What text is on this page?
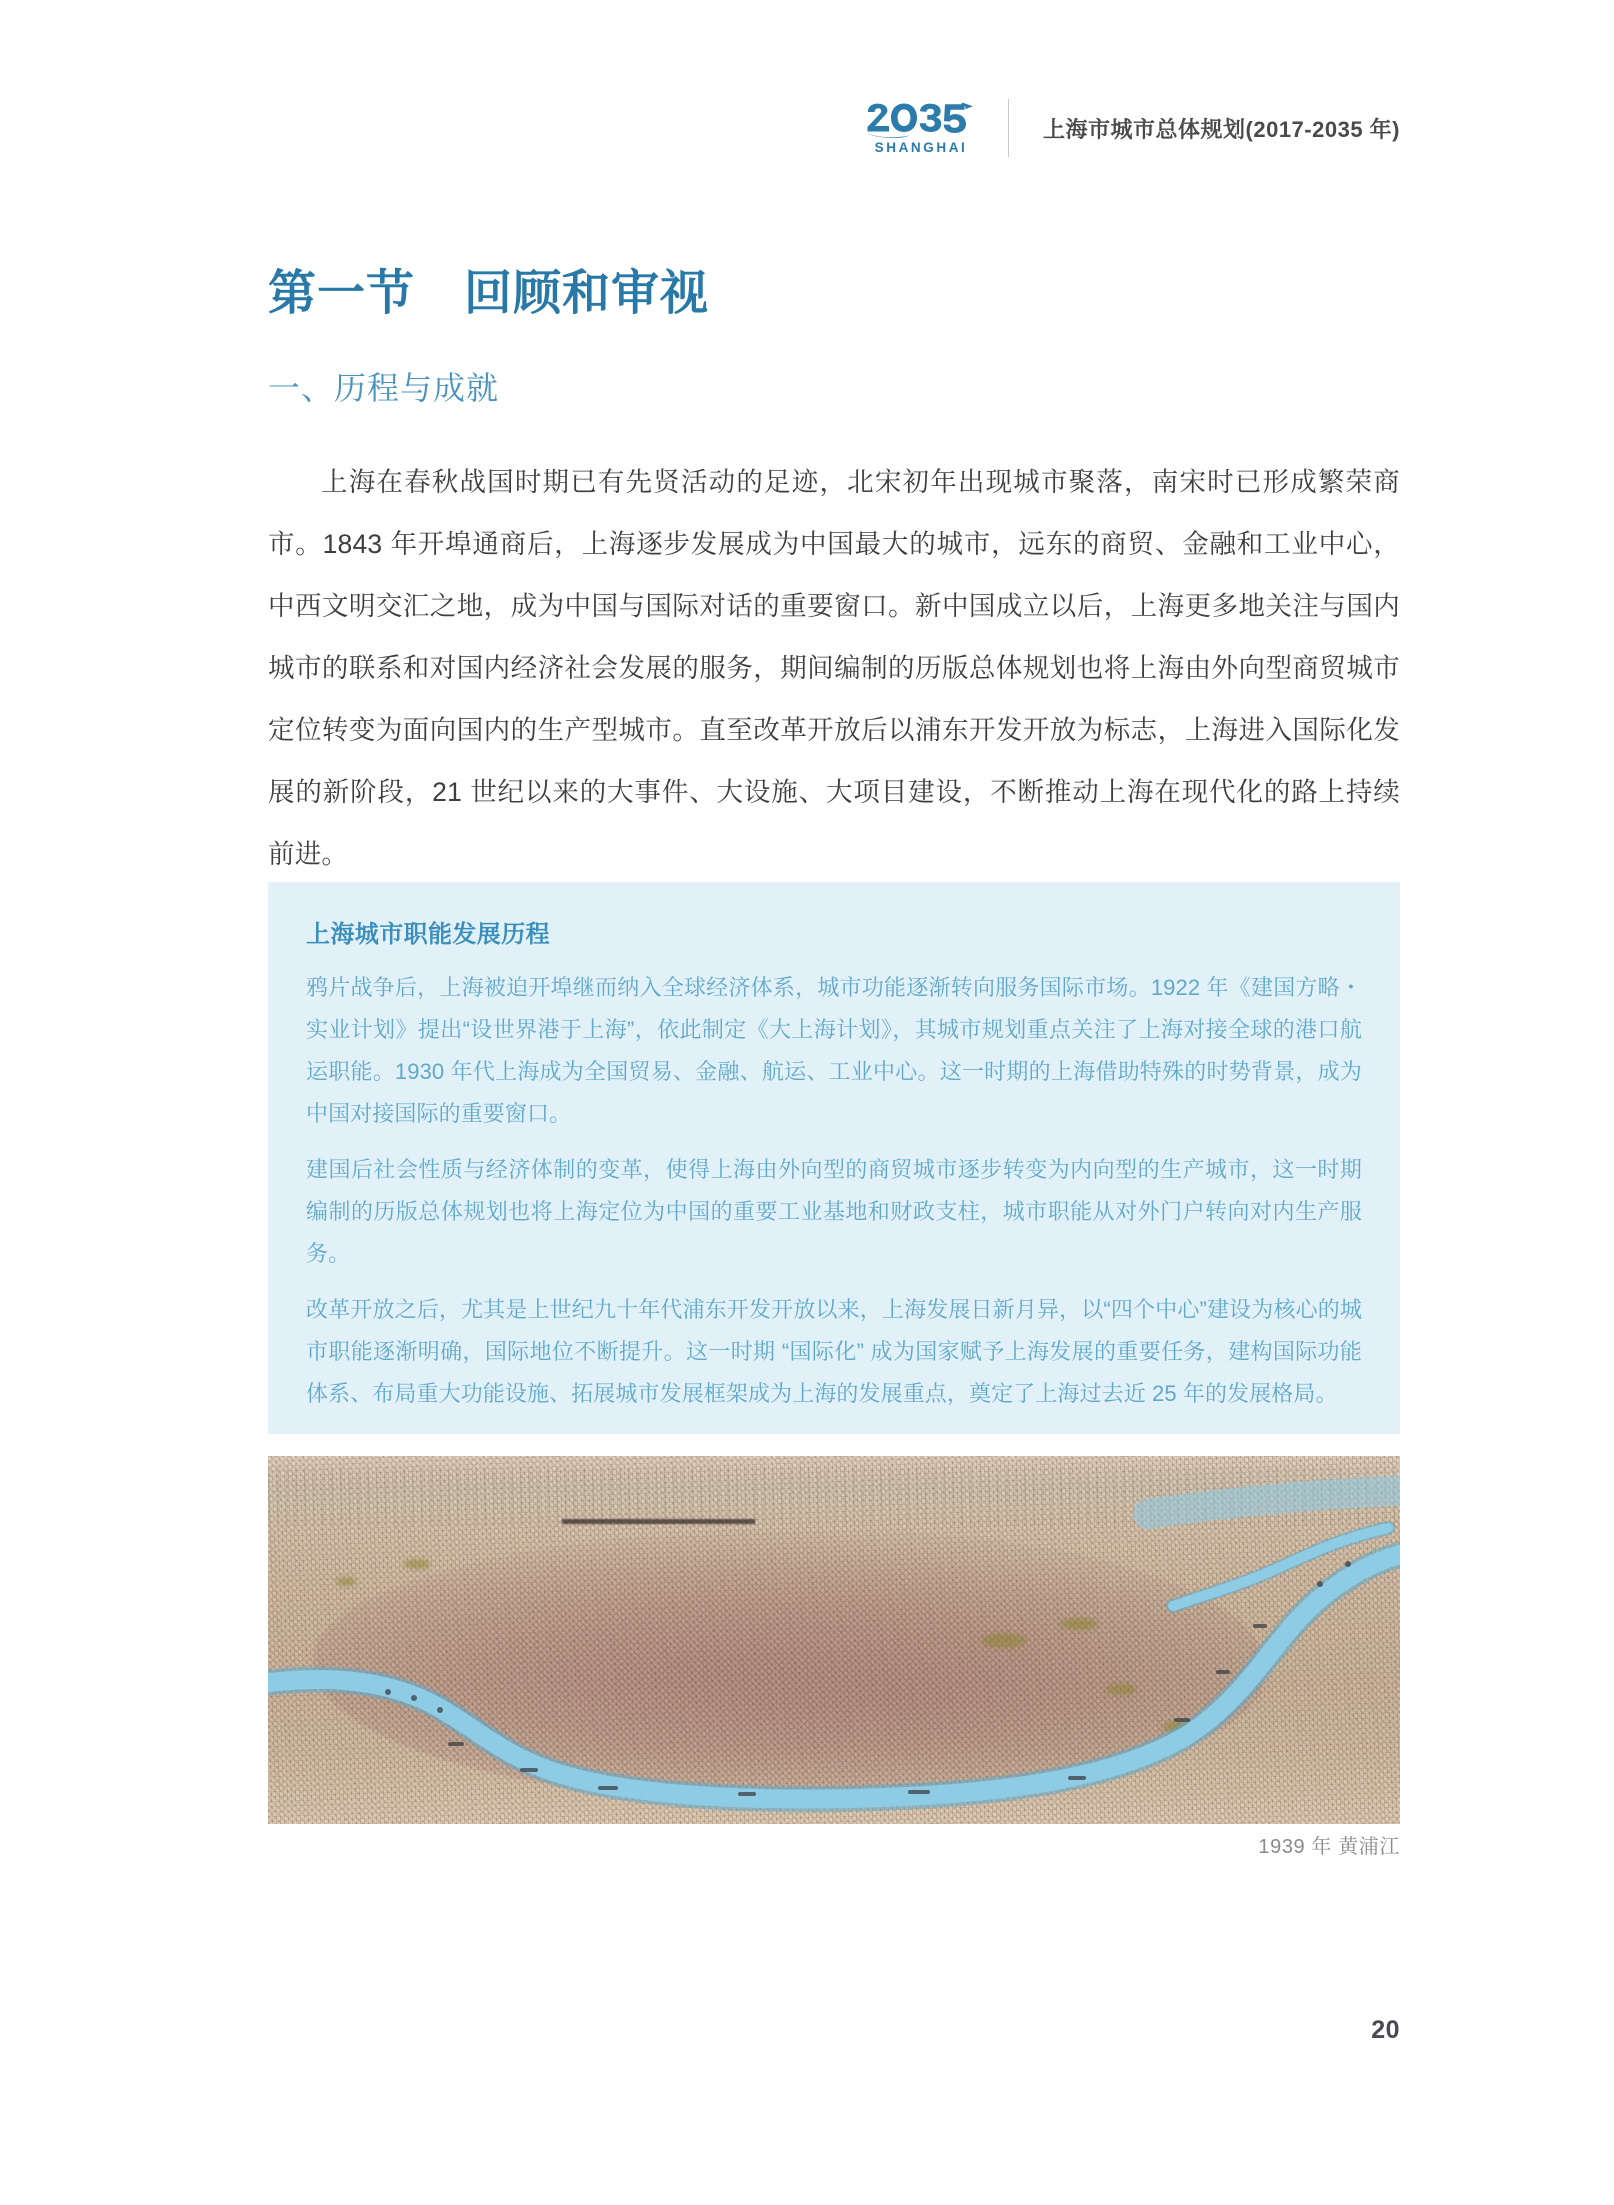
SHANGHAI
上海市城市总体规划(2017-2035 年)
第一节　回顾和审视
一、历程与成就

上海在春秋战国时期已有先贤活动的足迹，北宋初年出现城市聚落，南宋时已形成繁荣商市。1843 年开埠通商后，上海逐步发展成为中国最大的城市，远东的商贸、金融和工业中心，中西文明交汇之地，成为中国与国际对话的重要窗口。新中国成立以后，上海更多地关注与国内城市的联系和对国内经济社会发展的服务，期间编制的历版总体规划也将上海由外向型商贸城市定位转变为面向国内的生产型城市。直至改革开放后以浦东开发开放为标志，上海进入国际化发展的新阶段，21 世纪以来的大事件、大设施、大项目建设，不断推动上海在现代化的路上持续前进。

上海城市职能发展历程

鸦片战争后，上海被迫开埠继而纳入全球经济体系，城市功能逐渐转向服务国际市场。1922 年《建国方略・实业计划》提出“设世界港于上海”，依此制定《大上海计划》，其城市规划重点关注了上海对接全球的港口航运职能。1930 年代上海成为全国贸易、金融、航运、工业中心。这一时期的上海借助特殊的时势背景，成为中国对接国际的重要窗口。

建国后社会性质与经济体制的变革，使得上海由外向型的商贸城市逐步转变为内向型的生产城市，这一时期编制的历版总体规划也将上海定位为中国的重要工业基地和财政支柱，城市职能从对外门户转向对内生产服务。

改革开放之后，尤其是上世纪九十年代浦东开发开放以来，上海发展日新月异，以“四个中心”建设为核心的城市职能逐渐明确，国际地位不断提升。这一时期 “国际化” 成为国家赋予上海发展的重要任务，建构国际功能体系、布局重大功能设施、拓展城市发展框架成为上海的发展重点，奠定了上海过去近 25 年的发展格局。

1939 年 黄浦江
20
